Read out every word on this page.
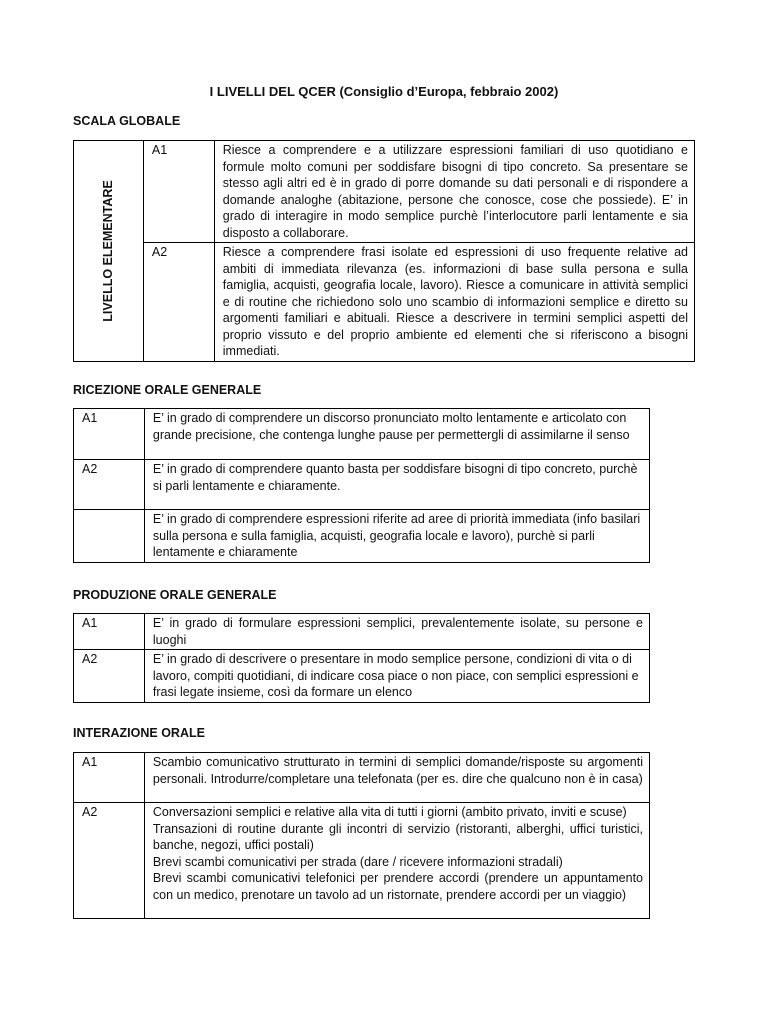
I LIVELLI DEL QCER (Consiglio d’Europa, febbraio 2002)
SCALA GLOBALE
LIVELLO ELEMENTARE	A1	Riesce a comprendere e a utilizzare espressioni familiari di uso quotidiano e formule molto comuni per soddisfare bisogni di tipo concreto. Sa presentare se stesso agli altri ed è in grado di porre domande su dati personali e di rispondere a domande analoghe (abitazione, persone che conosce, cose che possiede). E’ in grado di interagire in modo semplice purchè l’interlocutore parli lentamente e sia disposto a collaborare.
	A2	Riesce a comprendere frasi isolate ed espressioni di uso frequente relative ad ambiti di immediata rilevanza (es. informazioni di base sulla persona e sulla famiglia, acquisti, geografia locale, lavoro). Riesce a comunicare in attività semplici e di routine che richiedono solo uno scambio di informazioni semplice e diretto su argomenti familiari e abituali. Riesce a descrivere in termini semplici aspetti del proprio vissuto e del proprio ambiente ed elementi che si riferiscono a bisogni immediati.
RICEZIONE ORALE GENERALE
A1	E’ in grado di comprendere un discorso pronunciato molto lentamente e articolato con grande precisione, che contenga lunghe pause per permettergli di assimilarne il senso
A2	E’ in grado di comprendere quanto basta per soddisfare bisogni di tipo concreto, purchè si parli lentamente e chiaramente.
	E’ in grado di comprendere espressioni riferite ad aree di priorità immediata (info basilari sulla persona e sulla famiglia, acquisti, geografia locale e lavoro), purchè si parli lentamente e chiaramente
PRODUZIONE ORALE GENERALE
A1	E’ in grado di formulare espressioni semplici, prevalentemente isolate, su persone e luoghi
A2	E’ in grado di descrivere o presentare in modo semplice persone, condizioni di vita o di lavoro, compiti quotidiani, di indicare cosa piace o non piace, con semplici espressioni e frasi legate insieme, così da formare un elenco
INTERAZIONE ORALE
A1	Scambio comunicativo strutturato in termini di semplici domande/risposte su argomenti personali. Introdurre/completare una telefonata (per es. dire che qualcuno non è in casa)
A2	Conversazioni semplici e relative alla vita di tutti i giorni (ambito privato, inviti e scuse)
Transazioni di routine durante gli incontri di servizio (ristoranti, alberghi, uffici turistici, banche, negozi, uffici postali)
Brevi scambi comunicativi per strada (dare / ricevere informazioni stradali)
Brevi scambi comunicativi telefonici per prendere accordi (prendere un appuntamento con un medico, prenotare un tavolo ad un ristornate, prendere accordi per un viaggio)
